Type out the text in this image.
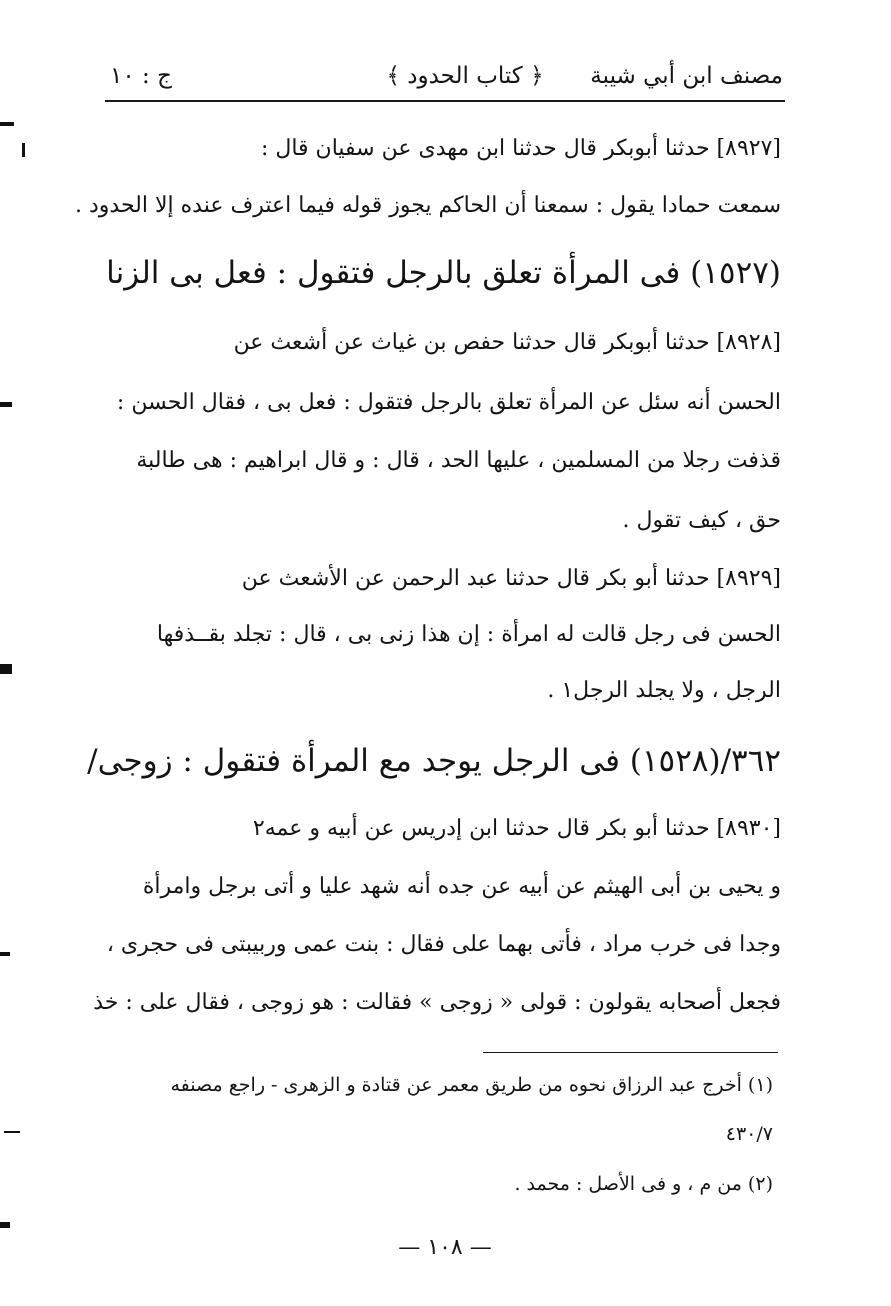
مصنف ابن أبي شيبة
﴿ كتاب الحدود ﴾
ج : ١٠
[٨٩٢٧] حدثنا أبوبكر قال حدثنا ابن مهدى عن سفيان قال :
سمعت حمادا يقول : سمعنا أن الحاكم يجوز قوله فيما اعترف عنده إلا الحدود .
(١٥٢٧) فى المرأة تعلق بالرجل فتقول : فعل بى الزنا
[٨٩٢٨] حدثنا أبوبكر قال حدثنا حفص بن غياث عن أشعث عن
الحسن أنه سئل عن المرأة تعلق بالرجل فتقول : فعل بى ، فقال الحسن :
قذفت رجلا من المسلمين ، عليها الحد ، قال : و قال ابراهيم : هى طالبة
حق ، كيف تقول .
[٨٩٢٩] حدثنا أبو بكر قال حدثنا عبد الرحمن عن الأشعث عن
الحسن فى رجل قالت له امرأة : إن هذا زنى بى ، قال : تجلد بقــذفها
الرجل ، ولا يجلد الرجل١ .
٣٦٢/(١٥٢٨) فى الرجل يوجد مع المرأة فتقول : زوجى/
[٨٩٣٠] حدثنا أبو بكر قال حدثنا ابن إدريس عن أبيه و عمه٢
و يحيى بن أبى الهيثم عن أبيه عن جده أنه شهد عليا و أتى برجل وامرأة
وجدا فى خرب مراد ، فأتى بهما على فقال : بنت عمى وربيبتى فى حجرى ،
فجعل أصحابه يقولون : قولى « زوجى » فقالت : هو زوجى ، فقال على : خذ
(١) أخرج عبد الرزاق نحوه من طريق معمر عن قتادة و الزهرى - راجع مصنفه
٤٣٠/٧
(٢) من م ، و فى الأصل : محمد .
— ١٠٨ —
